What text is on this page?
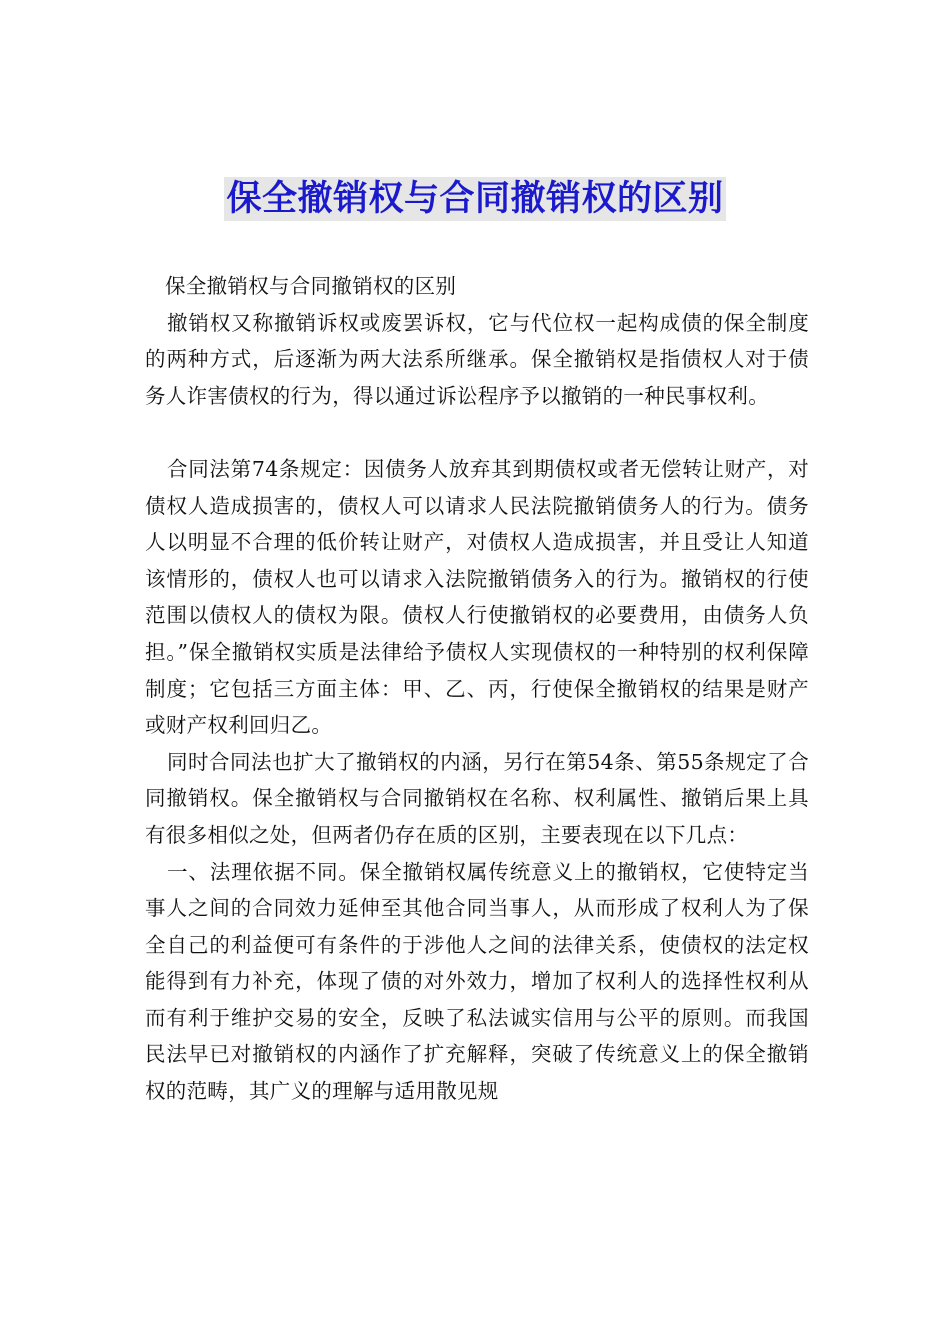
保全撤销权与合同撤销权的区别

保全撤销权与合同撤销权的区别

撤销权又称撤销诉权或废罢诉权，它与代位权一起构成债的保全制度的两种方式，后逐渐为两大法系所继承。保全撤销权是指债权人对于债务人诈害债权的行为，得以通过诉讼程序予以撤销的一种民事权利。

合同法第74条规定：因债务人放弃其到期债权或者无偿转让财产，对债权人造成损害的，债权人可以请求人民法院撤销债务人的行为。债务人以明显不合理的低价转让财产，对债权人造成损害，并且受让人知道该情形的，债权人也可以请求入法院撤销债务入的行为。撤销权的行使范围以债权人的债权为限。债权人行使撤销权的必要费用，由债务人负担。”保全撤销权实质是法律给予债权人实现债权的一种特别的权利保障制度；它包括三方面主体：甲、乙、丙，行使保全撤销权的结果是财产或财产权利回归乙。

同时合同法也扩大了撤销权的内涵，另行在第54条、第55条规定了合同撤销权。保全撤销权与合同撤销权在名称、权利属性、撤销后果上具有很多相似之处，但两者仍存在质的区别，主要表现在以下几点：

一、法理依据不同。保全撤销权属传统意义上的撤销权，它使特定当事人之间的合同效力延伸至其他合同当事人，从而形成了权利人为了保全自己的利益便可有条件的于涉他人之间的法律关系，使债权的法定权能得到有力补充，体现了债的对外效力，增加了权利人的选择性权利从而有利于维护交易的安全，反映了私法诚实信用与公平的原则。而我国民法早已对撤销权的内涵作了扩充解释，突破了传统意义上的保全撤销权的范畴，其广义的理解与适用散见规
